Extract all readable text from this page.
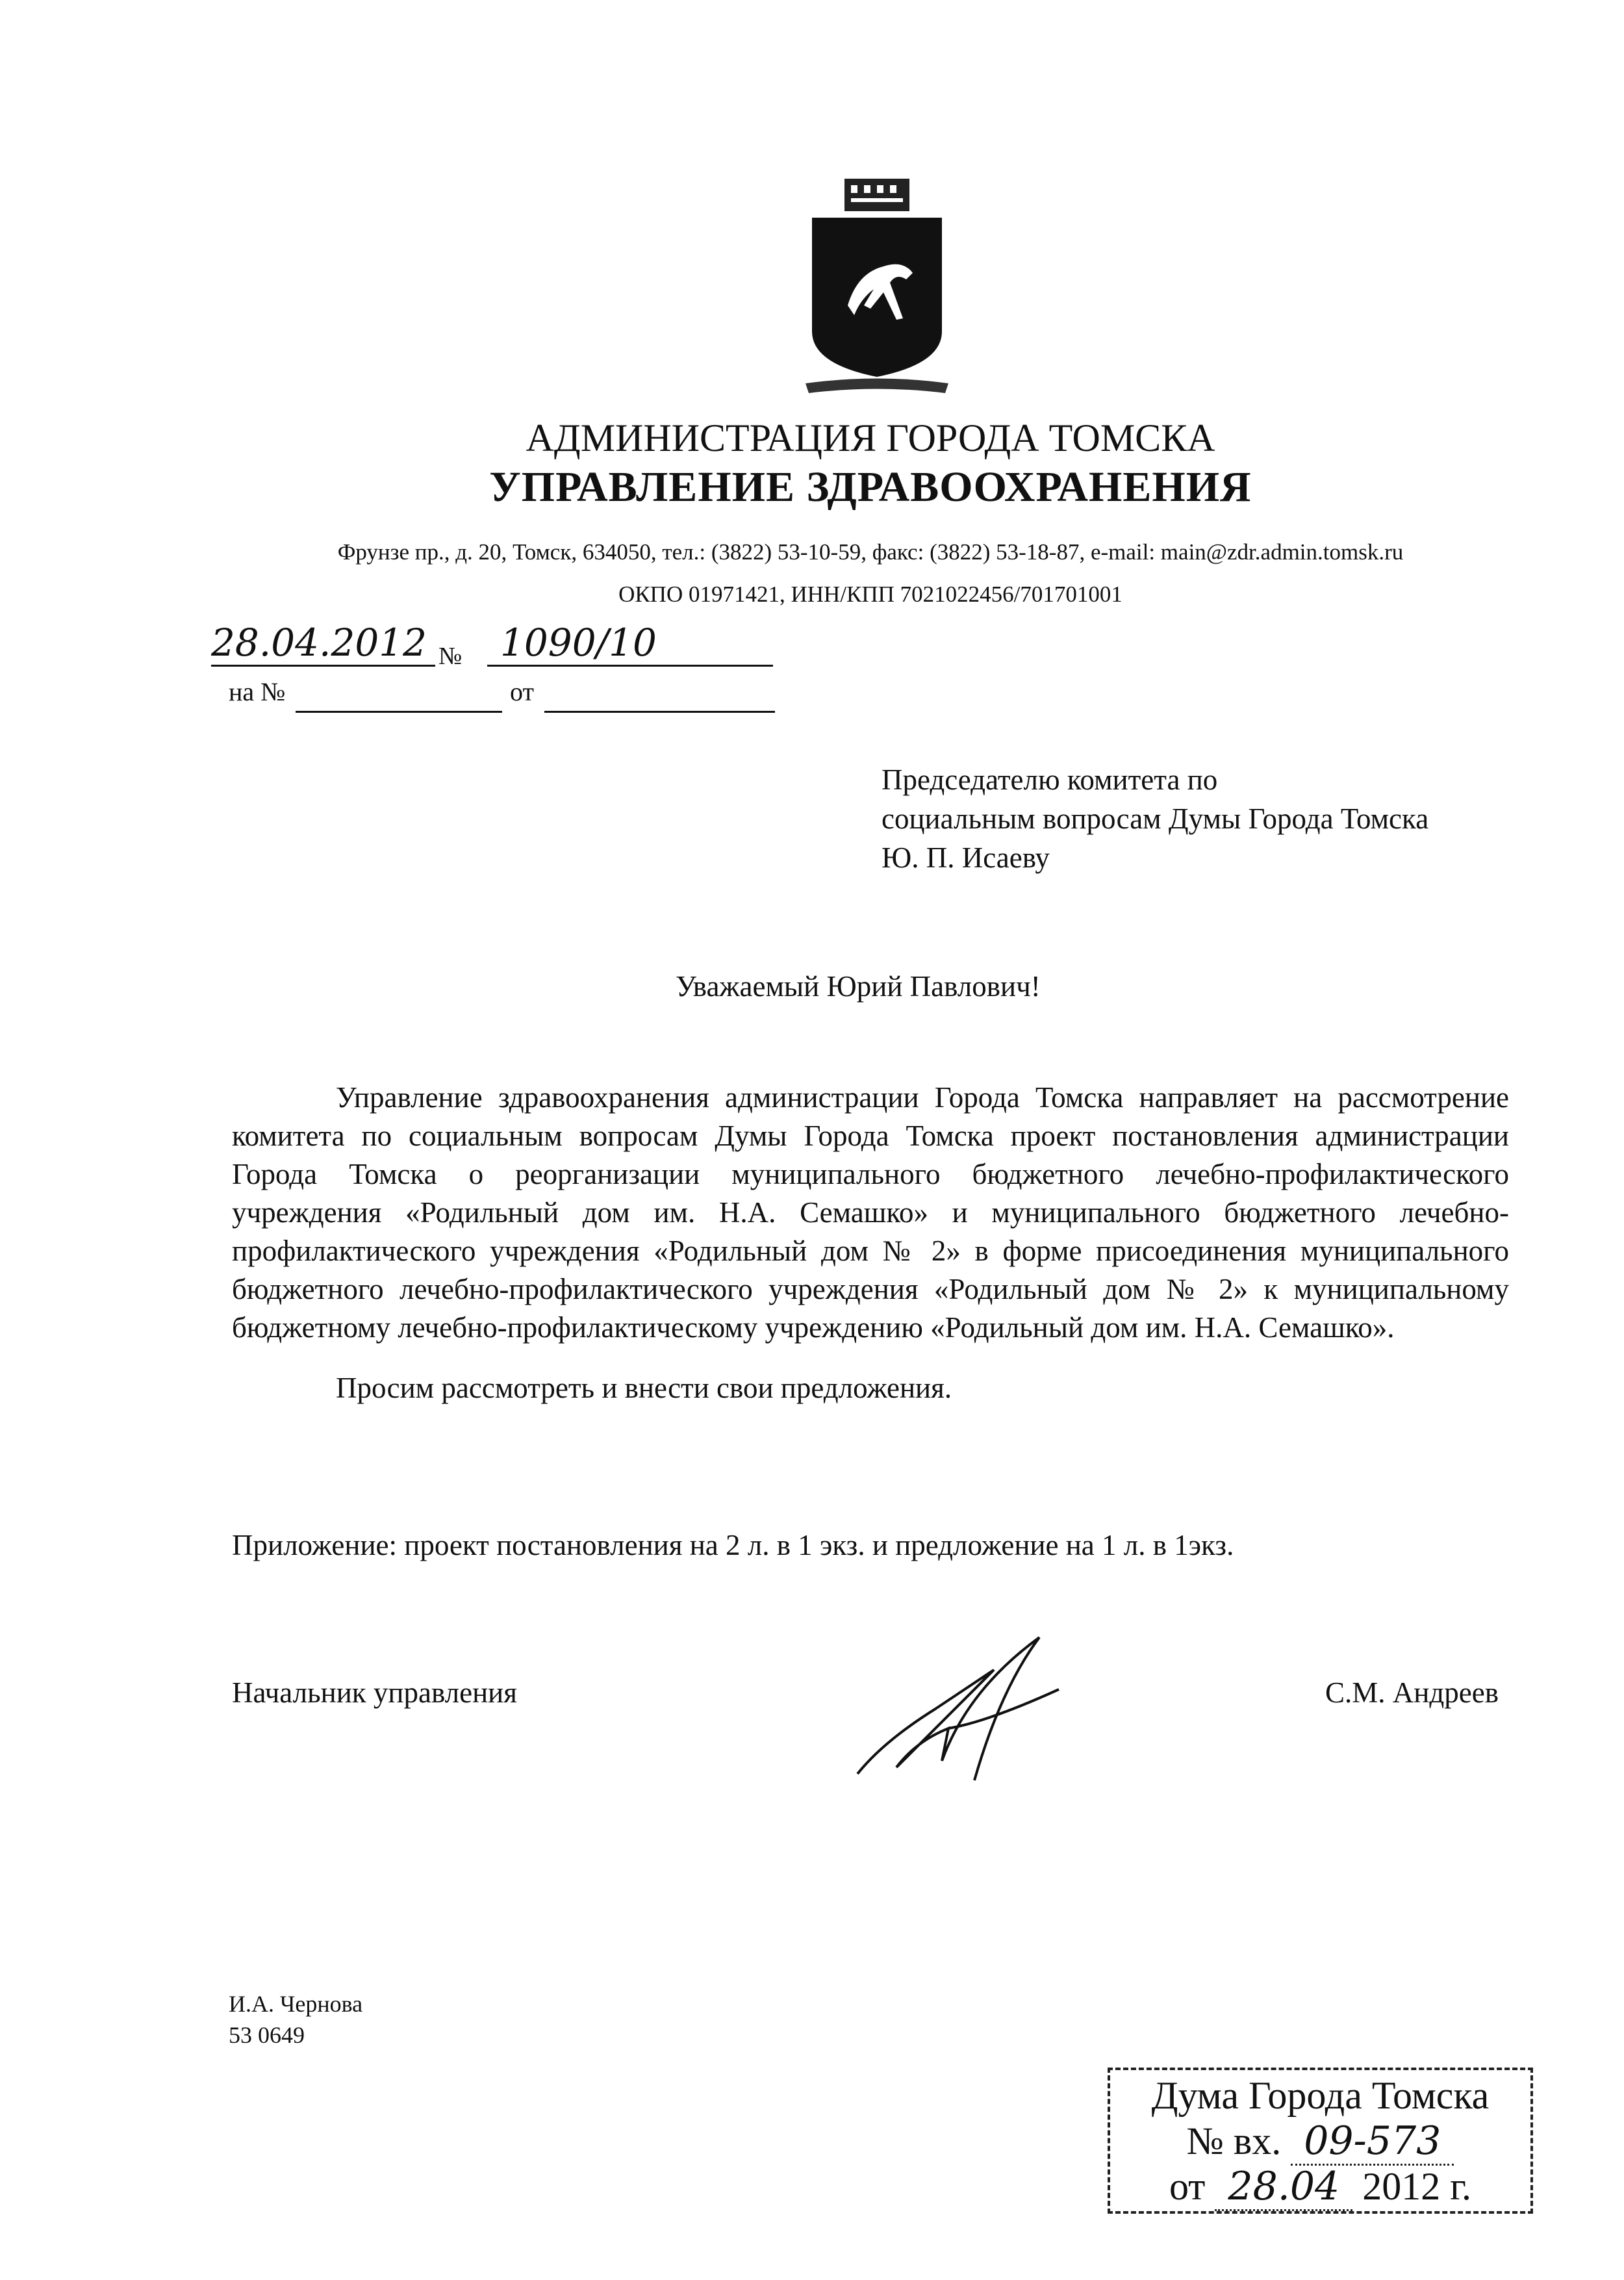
АДМИНИСТРАЦИЯ ГОРОДА ТОМСКА
УПРАВЛЕНИЕ ЗДРАВООХРАНЕНИЯ
Фрунзе пр., д. 20, Томск, 634050, тел.: (3822) 53-10-59, факс: (3822) 53-18-87, e-mail: main@zdr.admin.tomsk.ru
ОКПО 01971421, ИНН/КПП 7021022456/701701001
28.04.2012 №	1090/10
на №	от
Председателю комитета по
социальным вопросам Думы Города Томска
Ю. П. Исаеву
Уважаемый Юрий Павлович!

Управление здравоохранения администрации Города Томска направляет на рассмотрение комитета по социальным вопросам Думы Города Томска проект постановления администрации Города Томска о реорганизации муниципального бюджетного лечебно-профилактического учреждения «Родильный дом им. Н.А. Семашко» и муниципального бюджетного лечебно-профилактического учреждения «Родильный дом № 2» в форме присоединения муниципального бюджетного лечебно-профилактического учреждения «Родильный дом № 2» к муниципальному бюджетному лечебно-профилактическому учреждению «Родильный дом им. Н.А. Семашко».

Просим рассмотреть и внести свои предложения.

Приложение: проект постановления на 2 л. в 1 экз. и предложение на 1 л. в 1экз.
Начальник управления	С.М. Андреев
И.А. Чернова
53 0649
Дума Города Томска
№ вх. 09-573
от 28.04 2012 г.
